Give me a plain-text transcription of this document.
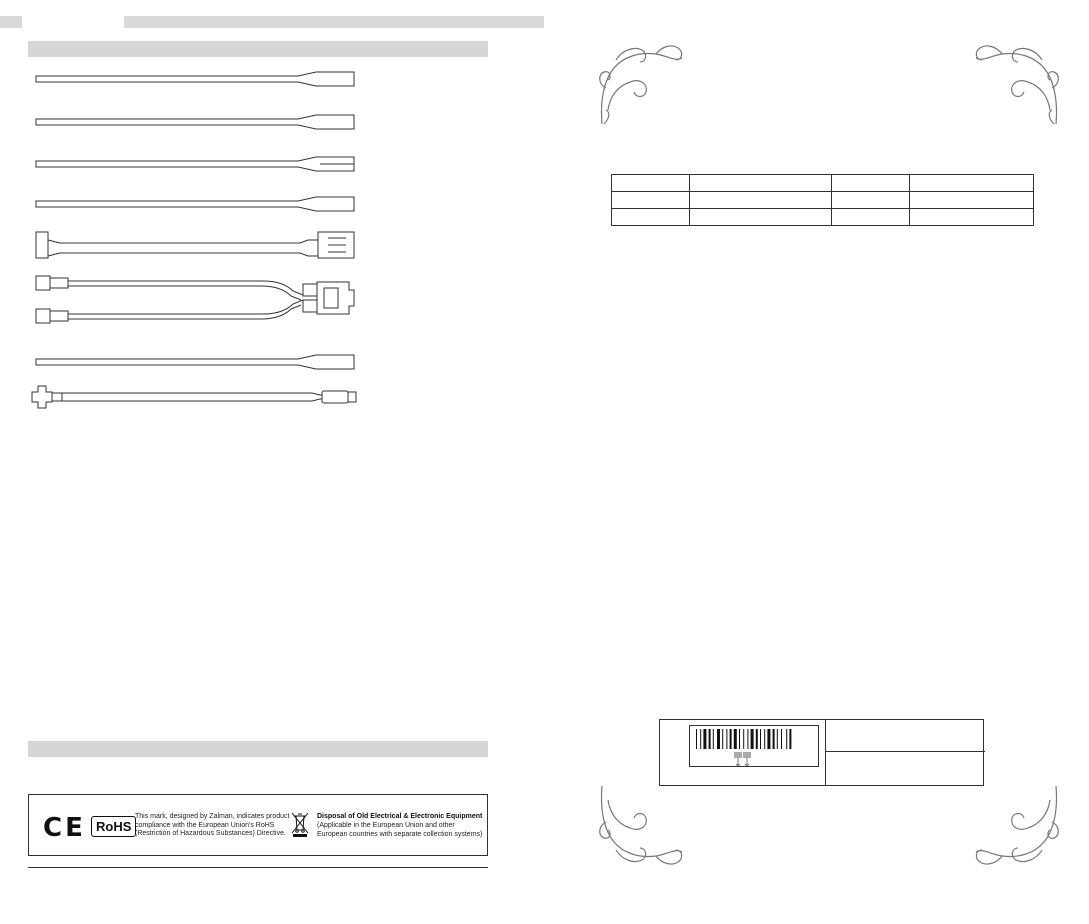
CE RoHS
This mark, designed by Zalman, indicates product compliance with the European Union's RoHS (Restriction of Hazardous Substances) Directive.
Disposal of Old Electrical & Electronic Equipment
(Applicable in the European Union and other European countries with separate collection systems)
